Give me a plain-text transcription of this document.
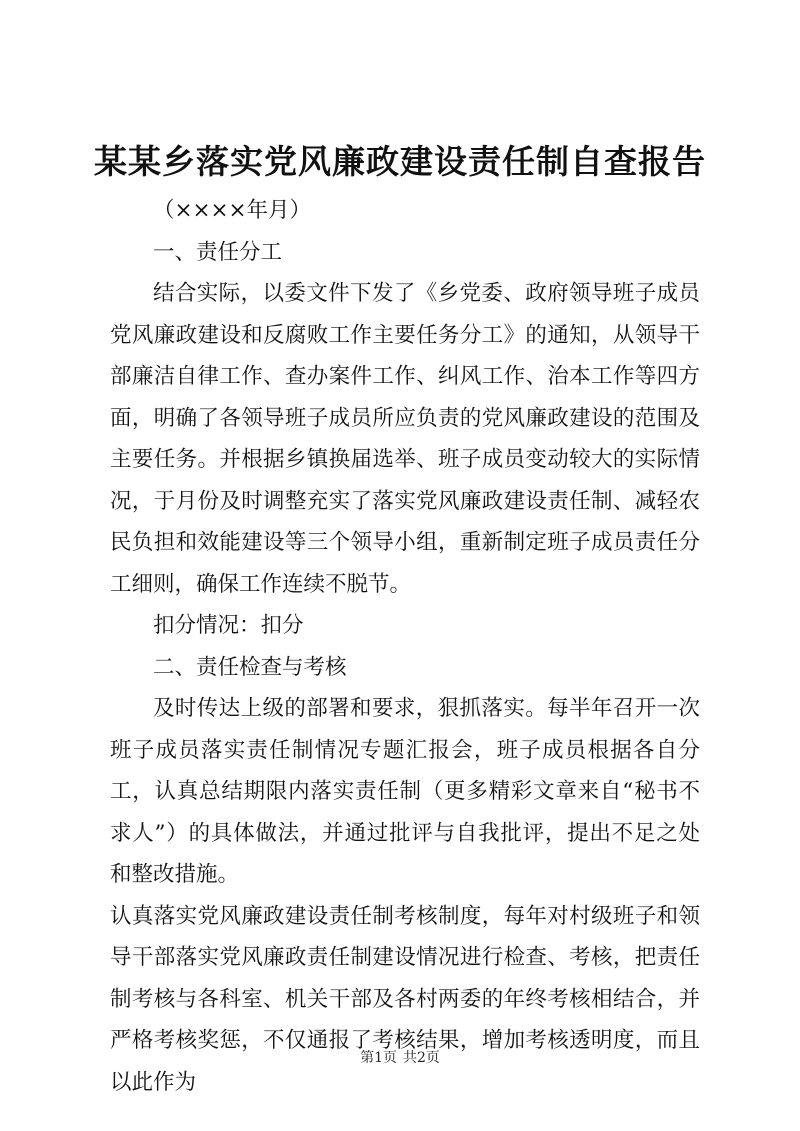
某某乡落实党风廉政建设责任制自查报告

（××××年月）

一、责任分工

结合实际，以委文件下发了《乡党委、政府领导班子成员党风廉政建设和反腐败工作主要任务分工》的通知，从领导干部廉洁自律工作、查办案件工作、纠风工作、治本工作等四方面，明确了各领导班子成员所应负责的党风廉政建设的范围及主要任务。并根据乡镇换届选举、班子成员变动较大的实际情况，于月份及时调整充实了落实党风廉政建设责任制、减轻农民负担和效能建设等三个领导小组，重新制定班子成员责任分工细则，确保工作连续不脱节。

扣分情况：扣分

二、责任检查与考核

及时传达上级的部署和要求，狠抓落实。每半年召开一次班子成员落实责任制情况专题汇报会，班子成员根据各自分工，认真总结期限内落实责任制（更多精彩文章来自“秘书不求人”）的具体做法，并通过批评与自我批评，提出不足之处和整改措施。

认真落实党风廉政建设责任制考核制度，每年对村级班子和领导干部落实党风廉政责任制建设情况进行检查、考核，把责任制考核与各科室、机关干部及各村两委的年终考核相结合，并严格考核奖惩，不仅通报了考核结果，增加考核透明度，而且以此作为

第1页 共2页
